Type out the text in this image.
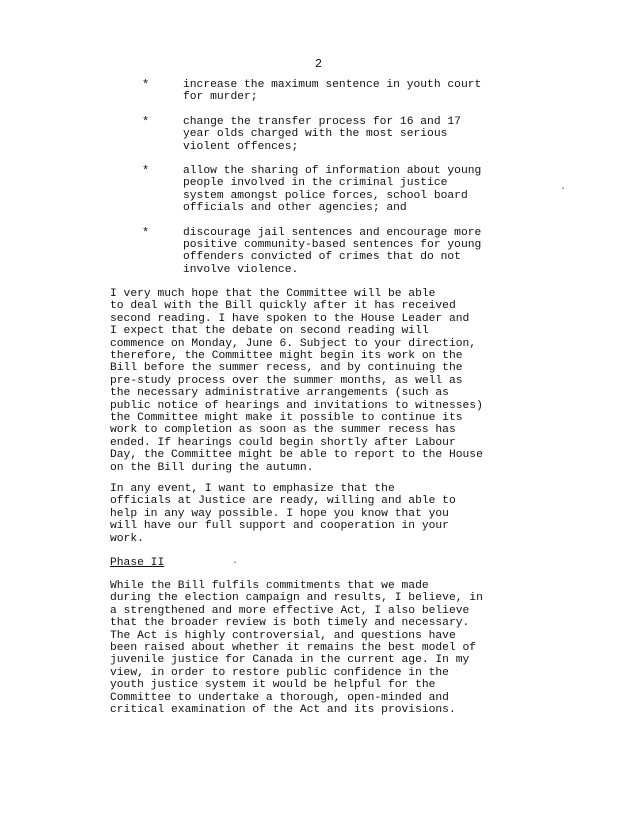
2
*	increase the maximum sentence in youth court
for murder;
*	change the transfer process for 16 and 17
year olds charged with the most serious
violent offences;
*	allow the sharing of information about young
people involved in the criminal justice
system amongst police forces, school board
officials and other agencies; and
*	discourage jail sentences and encourage more
positive community-based sentences for young
offenders convicted of crimes that do not
involve violence.
I very much hope that the Committee will be able
to deal with the Bill quickly after it has received
second reading. I have spoken to the House Leader and
I expect that the debate on second reading will
commence on Monday, June 6. Subject to your direction,
therefore, the Committee might begin its work on the
Bill before the summer recess, and by continuing the
pre-study process over the summer months, as well as
the necessary administrative arrangements (such as
public notice of hearings and invitations to witnesses)
the Committee might make it possible to continue its
work to completion as soon as the summer recess has
ended. If hearings could begin shortly after Labour
Day, the Committee might be able to report to the House
on the Bill during the autumn.
In any event, I want to emphasize that the
officials at Justice are ready, willing and able to
help in any way possible. I hope you know that you
will have our full support and cooperation in your
work.
Phase II
While the Bill fulfils commitments that we made
during the election campaign and results, I believe, in
a strengthened and more effective Act, I also believe
that the broader review is both timely and necessary.
The Act is highly controversial, and questions have
been raised about whether it remains the best model of
juvenile justice for Canada in the current age. In my
view, in order to restore public confidence in the
youth justice system it would be helpful for the
Committee to undertake a thorough, open-minded and
critical examination of the Act and its provisions.
·
·
